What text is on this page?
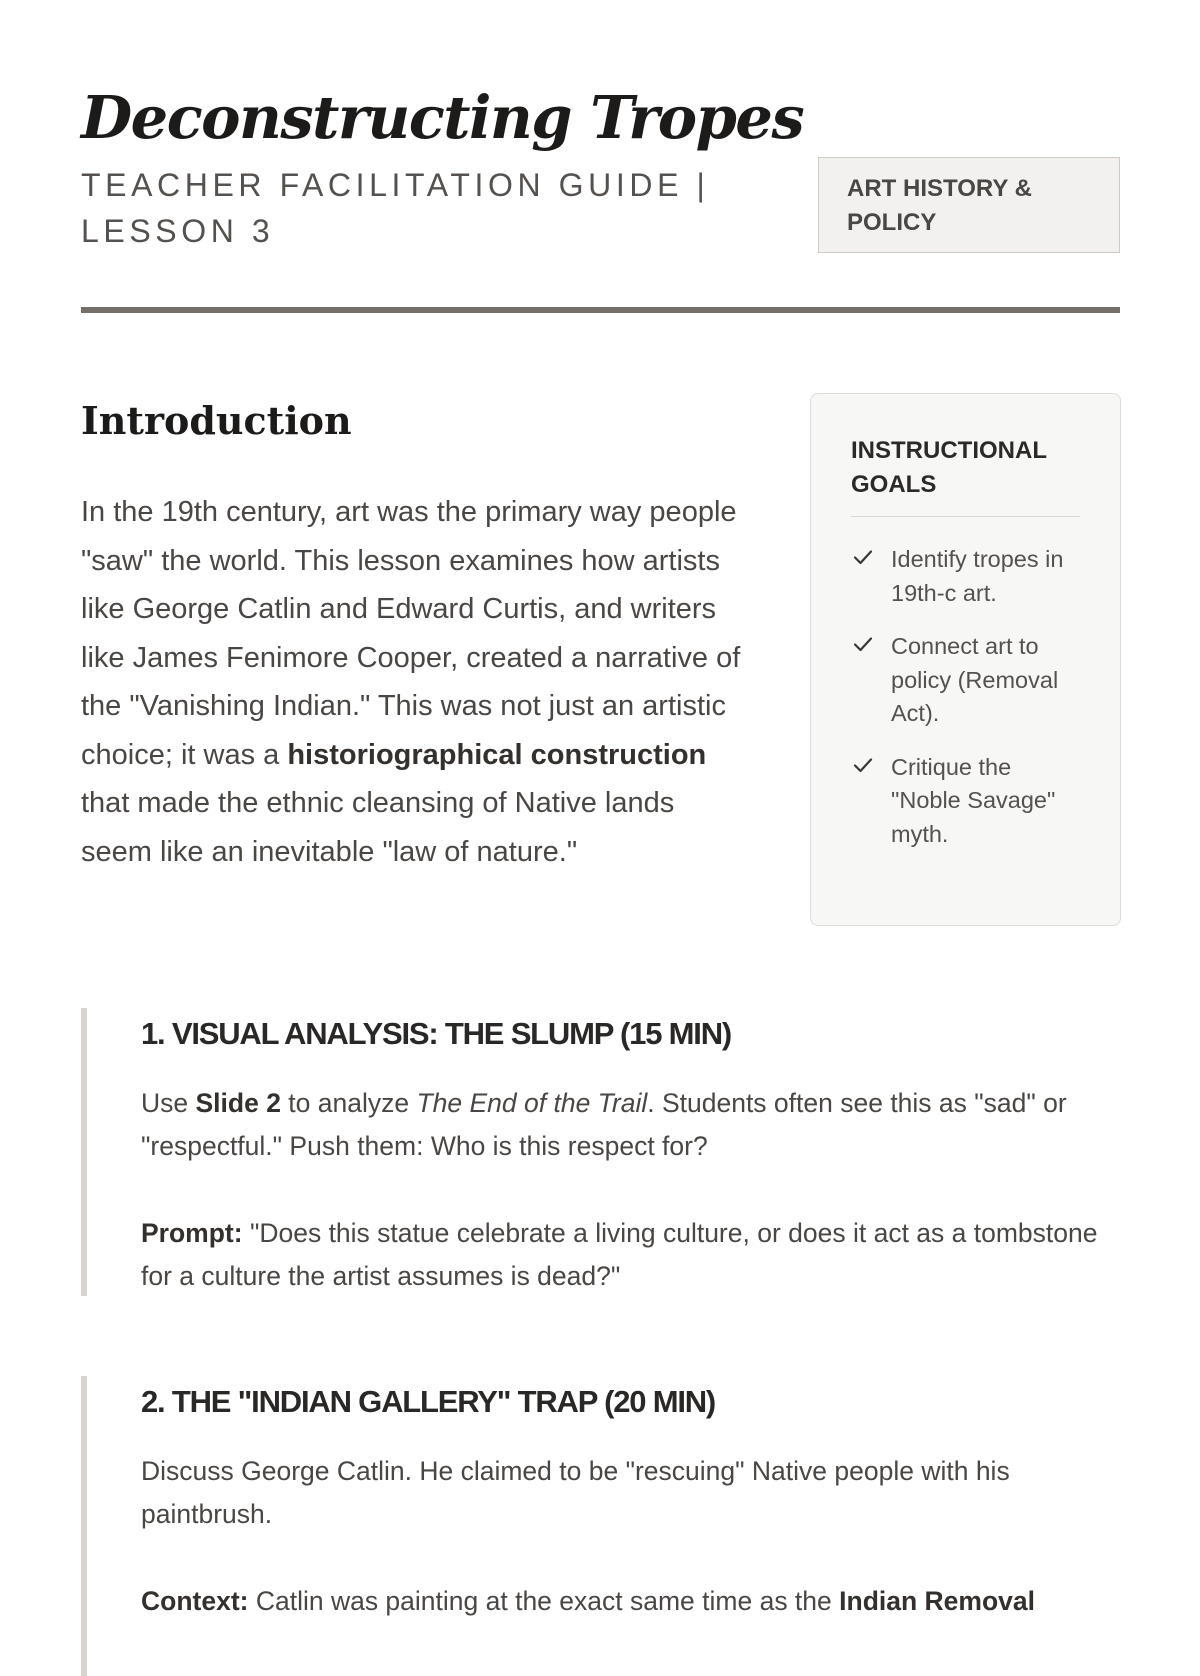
Deconstructing Tropes
TEACHER FACILITATION GUIDE | LESSON 3
ART HISTORY & POLICY
Introduction

In the 19th century, art was the primary way people "saw" the world. This lesson examines how artists like George Catlin and Edward Curtis, and writers like James Fenimore Cooper, created a narrative of the "Vanishing Indian." This was not just an artistic choice; it was a historiographical construction that made the ethnic cleansing of Native lands seem like an inevitable "law of nature."

INSTRUCTIONAL GOALS
Identify tropes in 19th-c art.
Connect art to policy (Removal Act).
Critique the "Noble Savage" myth.
1. VISUAL ANALYSIS: THE SLUMP (15 MIN)

Use Slide 2 to analyze The End of the Trail. Students often see this as "sad" or "respectful." Push them: Who is this respect for?

Prompt: "Does this statue celebrate a living culture, or does it act as a tombstone for a culture the artist assumes is dead?"

2. THE "INDIAN GALLERY" TRAP (20 MIN)

Discuss George Catlin. He claimed to be "rescuing" Native people with his paintbrush.

Context: Catlin was painting at the exact same time as the Indian Removal
